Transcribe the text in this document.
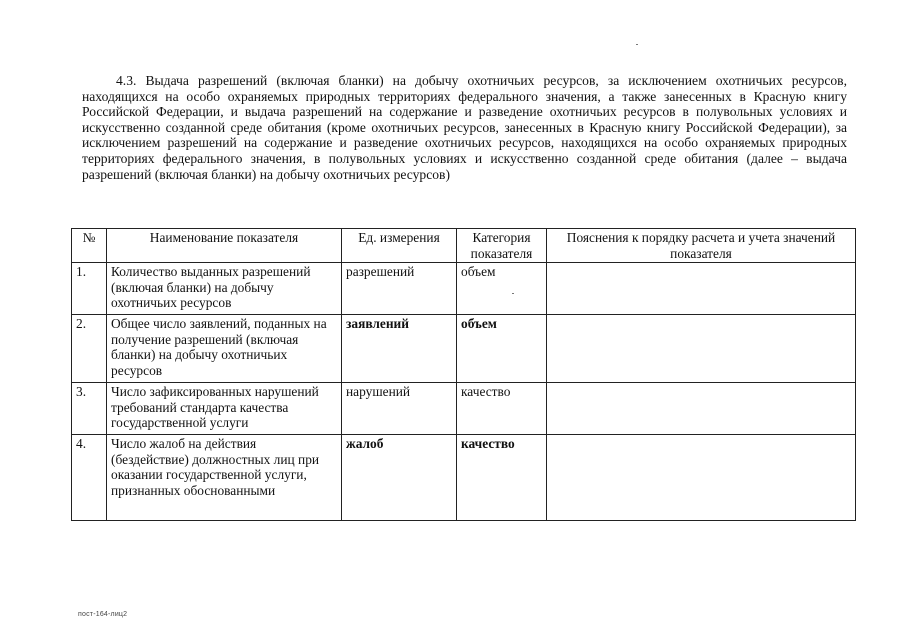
4.3. Выдача разрешений (включая бланки) на добычу охотничьих ресурсов, за исключением охотничьих ресурсов, находящихся на особо охраняемых природных территориях федерального значения, а также занесенных в Красную книгу Российской Федерации, и выдача разрешений на содержание и разведение охотничьих ресурсов в полувольных условиях и искусственно созданной среде обитания (кроме охотничьих ресурсов, занесенных в Красную книгу Российской Федерации), за исключением разрешений на содержание и разведение охотничьих ресурсов, находящихся на особо охраняемых природных территориях федерального значения, в полувольных условиях и искусственно созданной среде обитания (далее – выдача разрешений (включая бланки) на добычу охотничьих ресурсов)

№	Наименование показателя	Ед. измерения	Категория показателя	Пояснения к порядку расчета и учета значений показателя
1.	Количество выданных разрешений (включая бланки) на добычу охотничьих ресурсов	разрешений	объем	
2.	Общее число заявлений, поданных на получение разрешений (включая бланки) на добычу охотничьих ресурсов	заявлений	объем	
3.	Число зафиксированных нарушений требований стандарта качества государственной услуги	нарушений	качество	
4.	Число жалоб на действия (бездействие) должностных лиц при оказании государственной услуги, признанных обоснованными	жалоб	качество	
пост-164-лиц2
